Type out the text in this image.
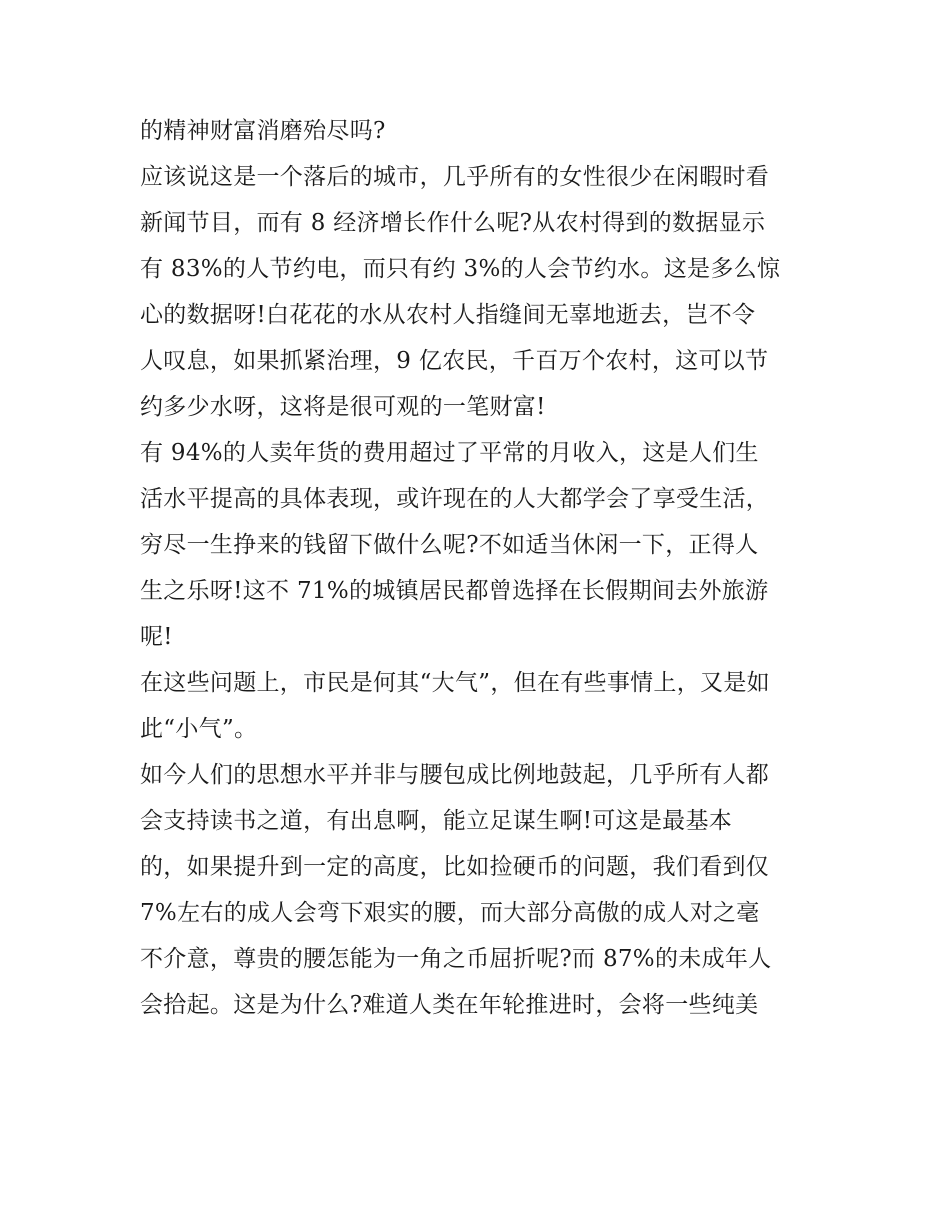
的精神财富消磨殆尽吗?
应该说这是一个落后的城市，几乎所有的女性很少在闲暇时看
新闻节目，而有 8 经济增长作什么呢?从农村得到的数据显示
有 83%的人节约电，而只有约 3%的人会节约水。这是多么惊
心的数据呀!白花花的水从农村人指缝间无辜地逝去，岂不令
人叹息，如果抓紧治理，9 亿农民，千百万个农村，这可以节
约多少水呀，这将是很可观的一笔财富!
有 94%的人卖年货的费用超过了平常的月收入，这是人们生
活水平提高的具体表现，或许现在的人大都学会了享受生活，
穷尽一生挣来的钱留下做什么呢?不如适当休闲一下，正得人
生之乐呀!这不 71%的城镇居民都曾选择在长假期间去外旅游
呢!
在这些问题上，市民是何其“大气”，但在有些事情上，又是如
此“小气”。
如今人们的思想水平并非与腰包成比例地鼓起，几乎所有人都
会支持读书之道，有出息啊，能立足谋生啊!可这是最基本
的，如果提升到一定的高度，比如捡硬币的问题，我们看到仅
7%左右的成人会弯下艰实的腰，而大部分高傲的成人对之毫
不介意，尊贵的腰怎能为一角之币屈折呢?而 87%的未成年人
会拾起。这是为什么?难道人类在年轮推进时，会将一些纯美
